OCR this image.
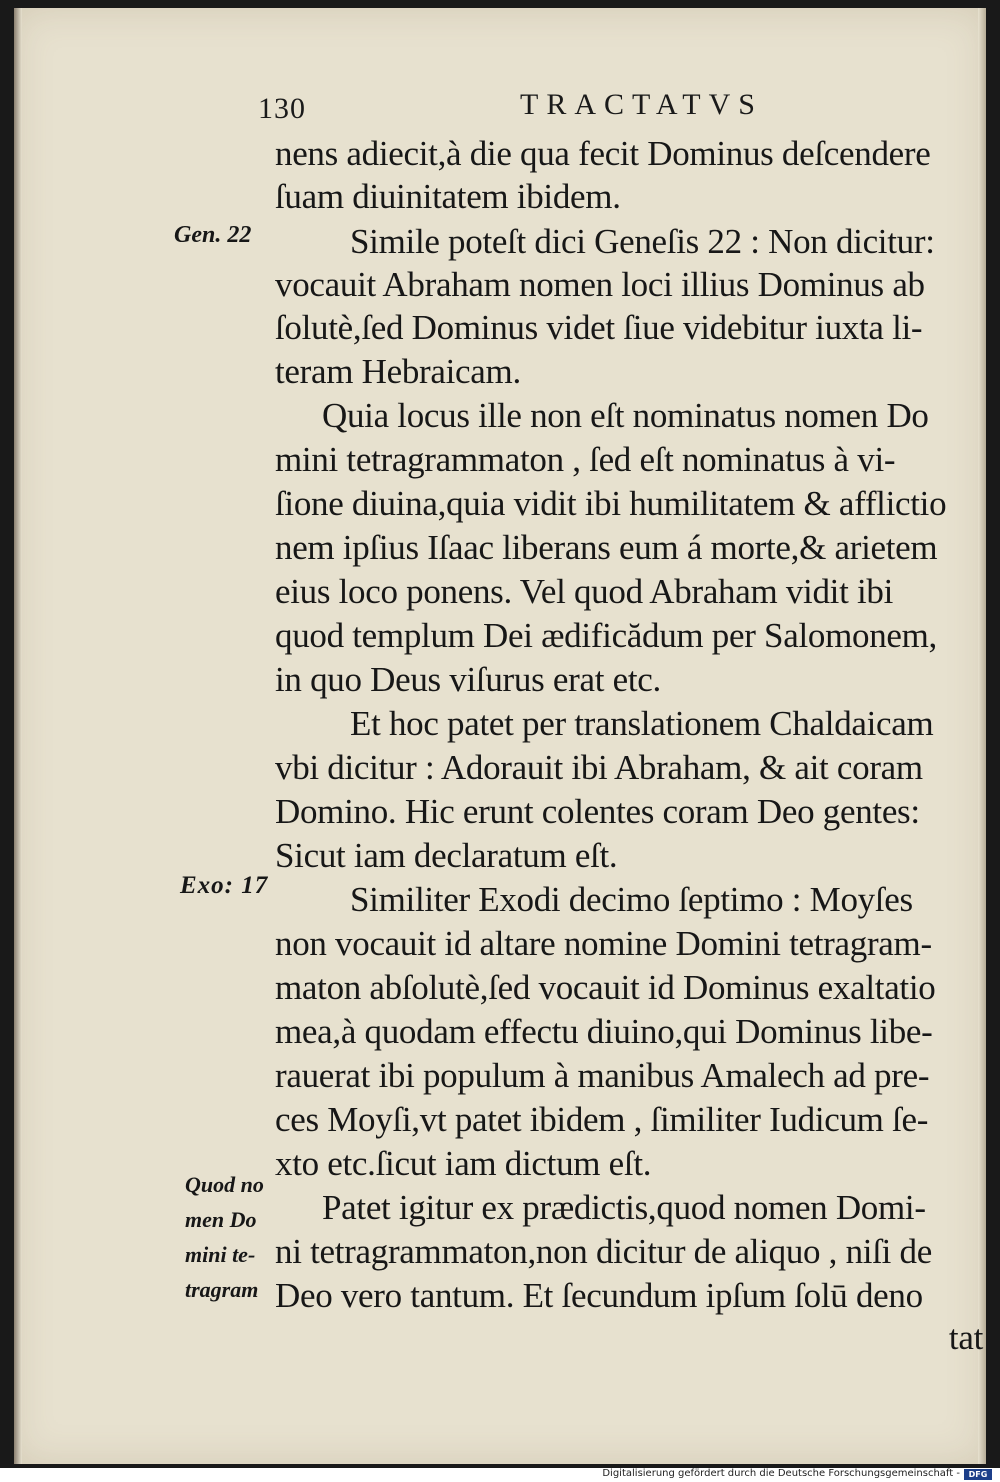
130	TRACTATVS
nens adiecit,à die qua fecit Dominus deſcendere
ſuam diuinitatem ibidem.
Simile poteſt dici Geneſis 22 : Non dicitur:
vocauit Abraham nomen loci illius Dominus ab
ſolutè,ſed Dominus videt ſiue videbitur iuxta li-
teram Hebraicam.
Quia locus ille non eſt nominatus nomen Do
mini tetragrammaton , ſed eſt nominatus à vi-
ſione diuina,quia vidit ibi humilitatem & afflictio
nem ipſius Iſaac liberans eum á morte,& arietem
eius loco ponens. Vel quod Abraham vidit ibi
quod templum Dei ædificădum per Salomonem,
in quo Deus viſurus erat etc.
Et hoc patet per translationem Chaldaicam
vbi dicitur : Adorauit ibi Abraham, & ait coram
Domino. Hic erunt colentes coram Deo gentes:
Sicut iam declaratum eſt.
Similiter Exodi decimo ſeptimo : Moyſes
non vocauit id altare nomine Domini tetragram-
maton abſolutè,ſed vocauit id Dominus exaltatio
mea,à quodam effectu diuino,qui Dominus libe-
rauerat ibi populum à manibus Amalech ad pre-
ces Moyſi,vt patet ibidem , ſimiliter Iudicum ſe-
xto etc.ſicut iam dictum eſt.
Patet igitur ex prædictis,quod nomen Domi-
ni tetragrammaton,non dicitur de aliquo , niſi de
Deo vero tantum. Et ſecundum ipſum ſolū deno
tat
Gen. 22
Exo: 17
Quod no
men Do
mini te-
tragram
Digitalisierung gefördert durch die Deutsche Forschungsgemeinschaft -	DFG
